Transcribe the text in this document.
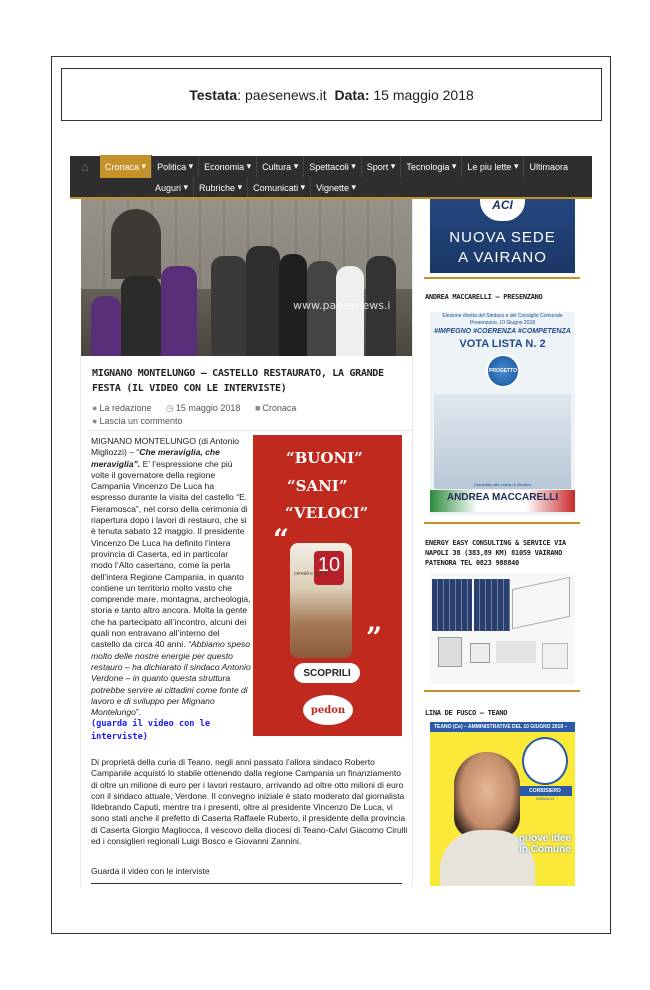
Testata : paesenews.it
Data:
15 maggio 2018
⌂	Cronaca ▾	Politica ▾	Economia ▾	Cultura ▾	Spettacoli ▾	Sport ▾	Tecnologia ▾	Le piu lette ▾	Ultimaora
Auguri ▾	Rubriche ▾	Comunicati ▾	Vignette ▾
www.paesenews.i
MIGNANO MONTELUNGO – CASTELLO RESTAURATO, LA GRANDE FESTA (IL VIDEO CON LE INTERVISTE)
● La redazione ◷ 15 maggio 2018 ■ Cronaca
● Lascia un commento
MIGNANO MONTELUNGO (di Antonio Migliozzi) – “Che meraviglia, che meraviglia”. E’ l’espressione che più volte il governatore della regione Campania Vincenzo De Luca ha espresso durante la visita del castello “E. Fieramosca”, nel corso della cerimonia di riapertura dopo i lavori di restauro, che si è tenuta sabato 12 maggio. Il presidente Vincenzo De Luca ha definito l’intera provincia di Caserta, ed in particolar modo l’Alto casertano, come la perla dell’intera Regione Campania, in quanto contiene un territorio molto vasto che comprende mare, montagna, archeologia, storia e tanto altro ancora. Molta la gente che ha partecipato all’incontro, alcuni dei quali non entravano all’interno del castello da circa 40 anni. “Abbiamo speso molto delle nostre energie per questo restauro – ha dichiarato il sindaco Antonio Verdone – in quanto questa struttura potrebbe servire ai cittadini come fonte di lavoro e di sviluppo per Mignano Montelungo”.
(guarda il video con le interviste)
“BUONI”
“SANI”
“VELOCI”
“
10
cereali e legumi
”
SCOPRILI
pedon
Di proprietà della curia di Teano, negli anni passato l’allora sindaco Roberto Campanile acquistò lo stabile ottenendo dalla regione Campania un finanziamento di oltre un milione di euro per i lavori restauro, arrivando ad oltre otto milioni di euro con il sindaco attuale, Verdone. Il convegno iniziale è stato moderato dal giornalista Ildebrando Caputi, mentre tra i presenti, oltre al presidente Vincenzo De Luca, vi sono stati anche il prefetto di Caserta Raffaele Ruberto, il presidente della provincia di Caserta Giorgio Magliocca, il vescovo della diocesi di Teano-Calvi Giacomo Cirulli ed i consiglieri regionali Luigi Bosco e Giovanni Zannini.
Guarda il video con le interviste
ACI
NUOVA SEDE
A VAIRANO
ANDREA MACCARELLI – PRESENZANO
Elezione diretta del Sindaco e del Consiglio Comunale Presenzano, 10 Giugno 2018
#IMPEGNO #COERENZA #COMPETENZA
VOTA LISTA N. 2
PROGETTO
Candidato alla carica di Sindaco
ANDREA MACCARELLI
ENERGY EASY CONSULTING & SERVICE VIA NAPOLI 38 (383,89 KM) 81059 VAIRANO PATENORA TEL 0823 988840
LINA DE FUSCO – TEANO
TEANO (Ce) – AMMINISTRATIVE DEL 10 GIUGNO 2018 –
CORBISIERO
SINDACO
nuove idee in Comune
